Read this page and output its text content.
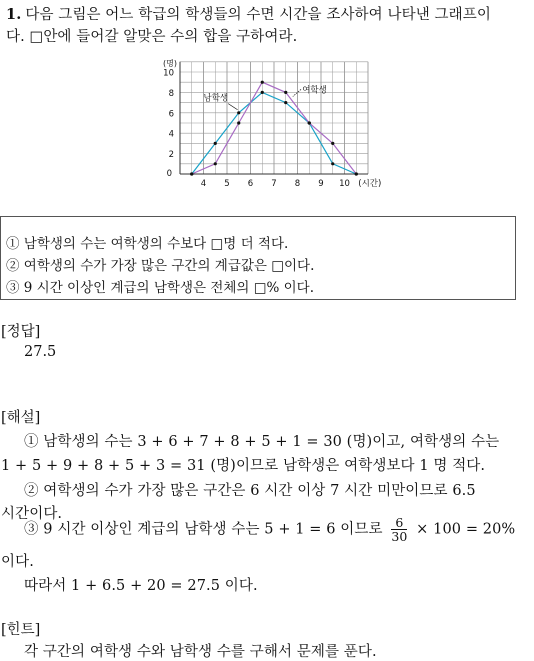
1. 다음 그림은 어느 학급의 학생들의 수면 시간을 조사하여 나타낸 그래프이
다. □안에 들어갈 알맞은 수의 합을 구하여라.
2
4
6
8
10
0
4 5 6 7 8 9 10
(명)
(시간)
남학생
여학생
① 남학생의 수는 여학생의 수보다 □명 더 적다.
② 여학생의 수가 가장 많은 구간의 계급값은 □이다.
③ 9 시간 이상인 계급의 남학생은 전체의 □% 이다.
[정답]
27.5
[해설]
① 남학생의 수는 3 + 6 + 7 + 8 + 5 + 1 = 30 (명)이고, 여학생의 수는
1 + 5 + 9 + 8 + 5 + 3 = 31 (명)이므로 남학생은 여학생보다 1 명 적다.
② 여학생의 수가 가장 많은 구간은 6 시간 이상 7 시간 미만이므로 6.5
시간이다.
③ 9 시간 이상인 계급의 남학생 수는 5 + 1 = 6 이므로 $\frac{6}{30} \times 100 = 20\%$
이다.
따라서 1 + 6.5 + 20 = 27.5 이다.
[힌트]
각 구간의 여학생 수와 남학생 수를 구해서 문제를 푼다.
